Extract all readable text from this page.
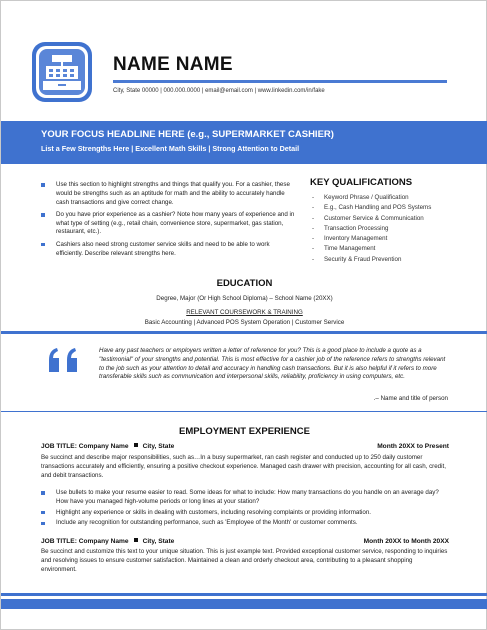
NAME NAME
City, State 00000 | 000.000.0000 | email@email.com | www.linkedin.com/in/fake
YOUR FOCUS HEADLINE HERE (e.g., SUPERMARKET CASHIER)
List a Few Strengths Here | Excellent Math Skills | Strong Attention to Detail
Use this section to highlight strengths and things that qualify you. For a cashier, these would be strengths such as an aptitude for math and the ability to accurately handle cash transactions and give correct change.
Do you have prior experience as a cashier? Note how many years of experience and in what type of setting (e.g., retail chain, convenience store, supermarket, gas station, restaurant, etc.).
Cashiers also need strong customer service skills and need to be able to work efficiently. Describe relevant strengths here.
KEY QUALIFICATIONS
- Keyword Phrase / Qualification
- E.g., Cash Handling and POS Systems
- Customer Service & Communication
- Transaction Processing
- Inventory Management
- Time Management
- Security & Fraud Prevention
EDUCATION
Degree, Major (Or High School Diploma) – School Name (20XX)
RELEVANT COURSEWORK & TRAINING
Basic Accounting | Advanced POS System Operation | Customer Service
Have any past teachers or employers written a letter of reference for you? This is a good place to include a quote as a "testimonial" of your strengths and potential. This is most effective for a cashier job of the reference refers to strengths relevant to the job such as your attention to detail and accuracy in handling cash transactions. But it is also helpful if it refers to more transferable skills such as communication and interpersonal skills, reliability, proficiency in using computers, etc.
.– Name and title of person
EMPLOYMENT EXPERIENCE
JOB TITLE: Company Name City, State	Month 20XX to Present
Be succinct and describe major responsibilities, such as…In a busy supermarket, ran cash register and conducted up to 250 daily customer transactions accurately and efficiently, ensuring a positive checkout experience. Managed cash drawer with precision, accounting for all cash, credit, and debit transactions.
Use bullets to make your resume easier to read. Some ideas for what to include: How many transactions do you handle on an average day? How have you managed high-volume periods or long lines at your station?
Highlight any experience or skills in dealing with customers, including resolving complaints or providing information.
Include any recognition for outstanding performance, such as 'Employee of the Month' or customer comments.
JOB TITLE: Company Name City, State	Month 20XX to Month 20XX
Be succinct and customize this text to your unique situation. This is just example text. Provided exceptional customer service, responding to inquiries and resolving issues to ensure customer satisfaction. Maintained a clean and orderly checkout area, contributing to a pleasant shopping environment.
